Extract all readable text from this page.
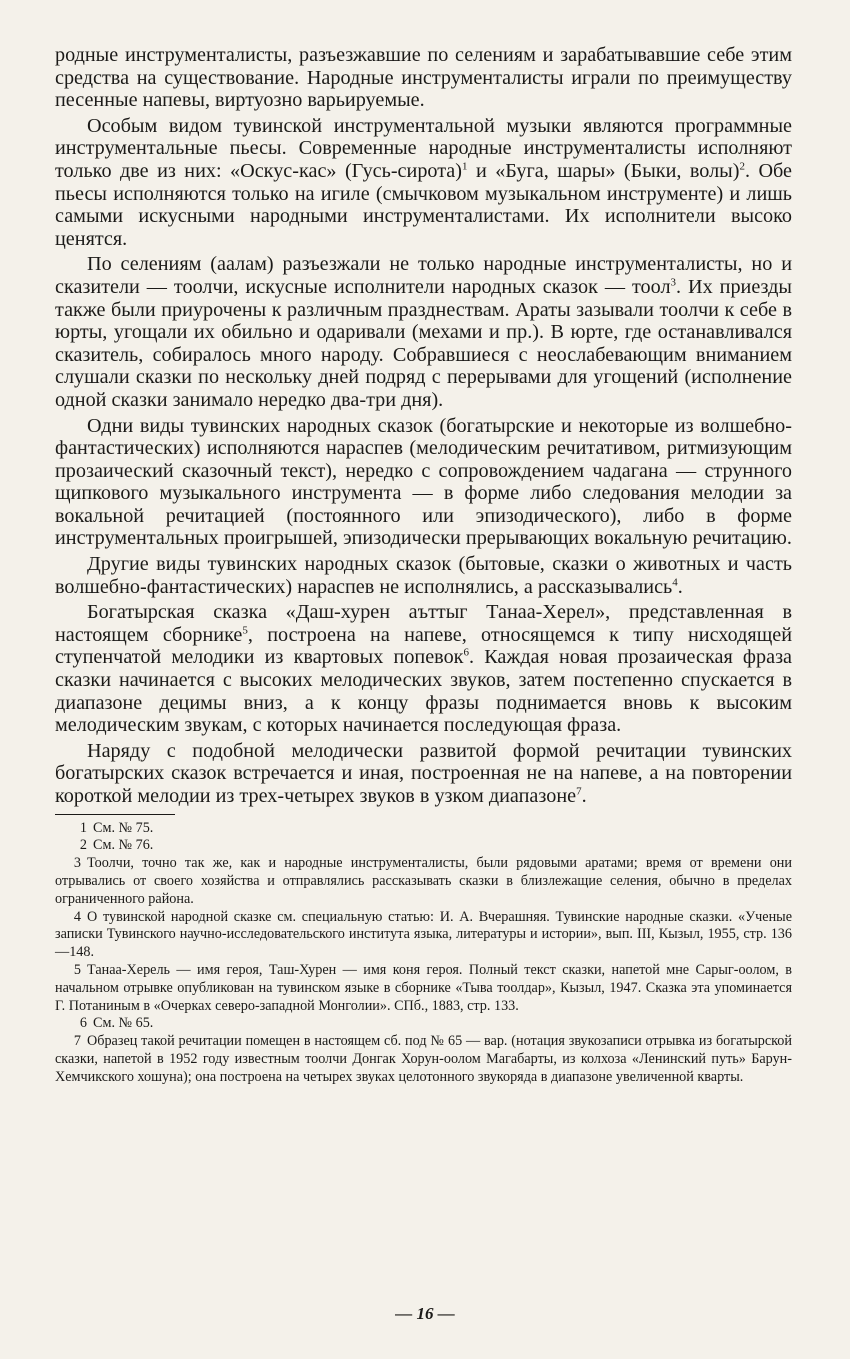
родные инструменталисты, разъезжавшие по селениям и зарабатывавшие себе этим средства на существование. Народные инструменталисты играли по преимуществу песенные напевы, виртуозно варьируемые.

Особым видом тувинской инструментальной музыки являются программные инструментальные пьесы. Современные народные инструменталисты исполняют только две из них: «Оскус-кас» (Гусь-сирота)$^1$ и «Буга, шары» (Быки, волы)$^2$. Обе пьесы исполняются только на игиле (смычковом музыкальном инструменте) и лишь самыми искусными народными инструменталистами. Их исполнители высоко ценятся.

По селениям (аалам) разъезжали не только народные инструменталисты, но и сказители — тоолчи, искусные исполнители народных сказок — тоол$^3$. Их приезды также были приурочены к различным празднествам. Араты зазывали тоолчи к себе в юрты, угощали их обильно и одаривали (мехами и пр.). В юрте, где останавливался сказитель, собиралось много народу. Собравшиеся с неослабевающим вниманием слушали сказки по нескольку дней подряд с перерывами для угощений (исполнение одной сказки занимало нередко два-три дня).

Одни виды тувинских народных сказок (богатырские и некоторые из волшебно-фантастических) исполняются нараспев (мелодическим речитативом, ритмизующим прозаический сказочный текст), нередко с сопровождением чадагана — струнного щипкового музыкального инструмента — в форме либо следования мелодии за вокальной речитацией (постоянного или эпизодического), либо в форме инструментальных проигрышей, эпизодически прерывающих вокальную речитацию.

Другие виды тувинских народных сказок (бытовые, сказки о животных и часть волшебно-фантастических) нараспев не исполнялись, а рассказывались$^4$.

Богатырская сказка «Даш-хурен аъттыг Танаа-Херел», представленная в настоящем сборнике$^5$, построена на напеве, относящемся к типу нисходящей ступенчатой мелодики из квартовых попевок$^6$. Каждая новая прозаическая фраза сказки начинается с высоких мелодических звуков, затем постепенно спускается в диапазоне децимы вниз, а к концу фразы поднимается вновь к высоким мелодическим звукам, с которых начинается последующая фраза.

Наряду с подобной мелодически развитой формой речитации тувинских богатырских сказок встречается и иная, построенная не на напеве, а на повторении короткой мелодии из трех-четырех звуков в узком диапазоне$^7$.

1 См. № 75.

2 См. № 76.

3 Тоолчи, точно так же, как и народные инструменталисты, были рядовыми аратами; время от времени они отрывались от своего хозяйства и отправлялись рассказывать сказки в близлежащие селения, обычно в пределах ограниченного района.

4 О тувинской народной сказке см. специальную статью: И. А. Вчерашняя. Тувинские народные сказки. «Ученые записки Тувинского научно-исследовательского института языка, литературы и истории», вып. III, Кызыл, 1955, стр. 136—148.

5 Танаа-Херель — имя героя, Таш-Хурен — имя коня героя. Полный текст сказки, напетой мне Сарыг-оолом, в начальном отрывке опубликован на тувинском языке в сборнике «Тыва тоолдар», Кызыл, 1947. Сказка эта упоминается Г. Потаниным в «Очерках северо-западной Монголии». СПб., 1883, стр. 133.

6 См. № 65.

7 Образец такой речитации помещен в настоящем сб. под № 65 — вар. (нотация звукозаписи отрывка из богатырской сказки, напетой в 1952 году известным тоолчи Донгак Хорун-оолом Магабарты, из колхоза «Ленинский путь» Барун-Хемчикского хошуна); она построена на четырех звуках целотонного звукоряда в диапазоне увеличенной кварты.

— 16 —
